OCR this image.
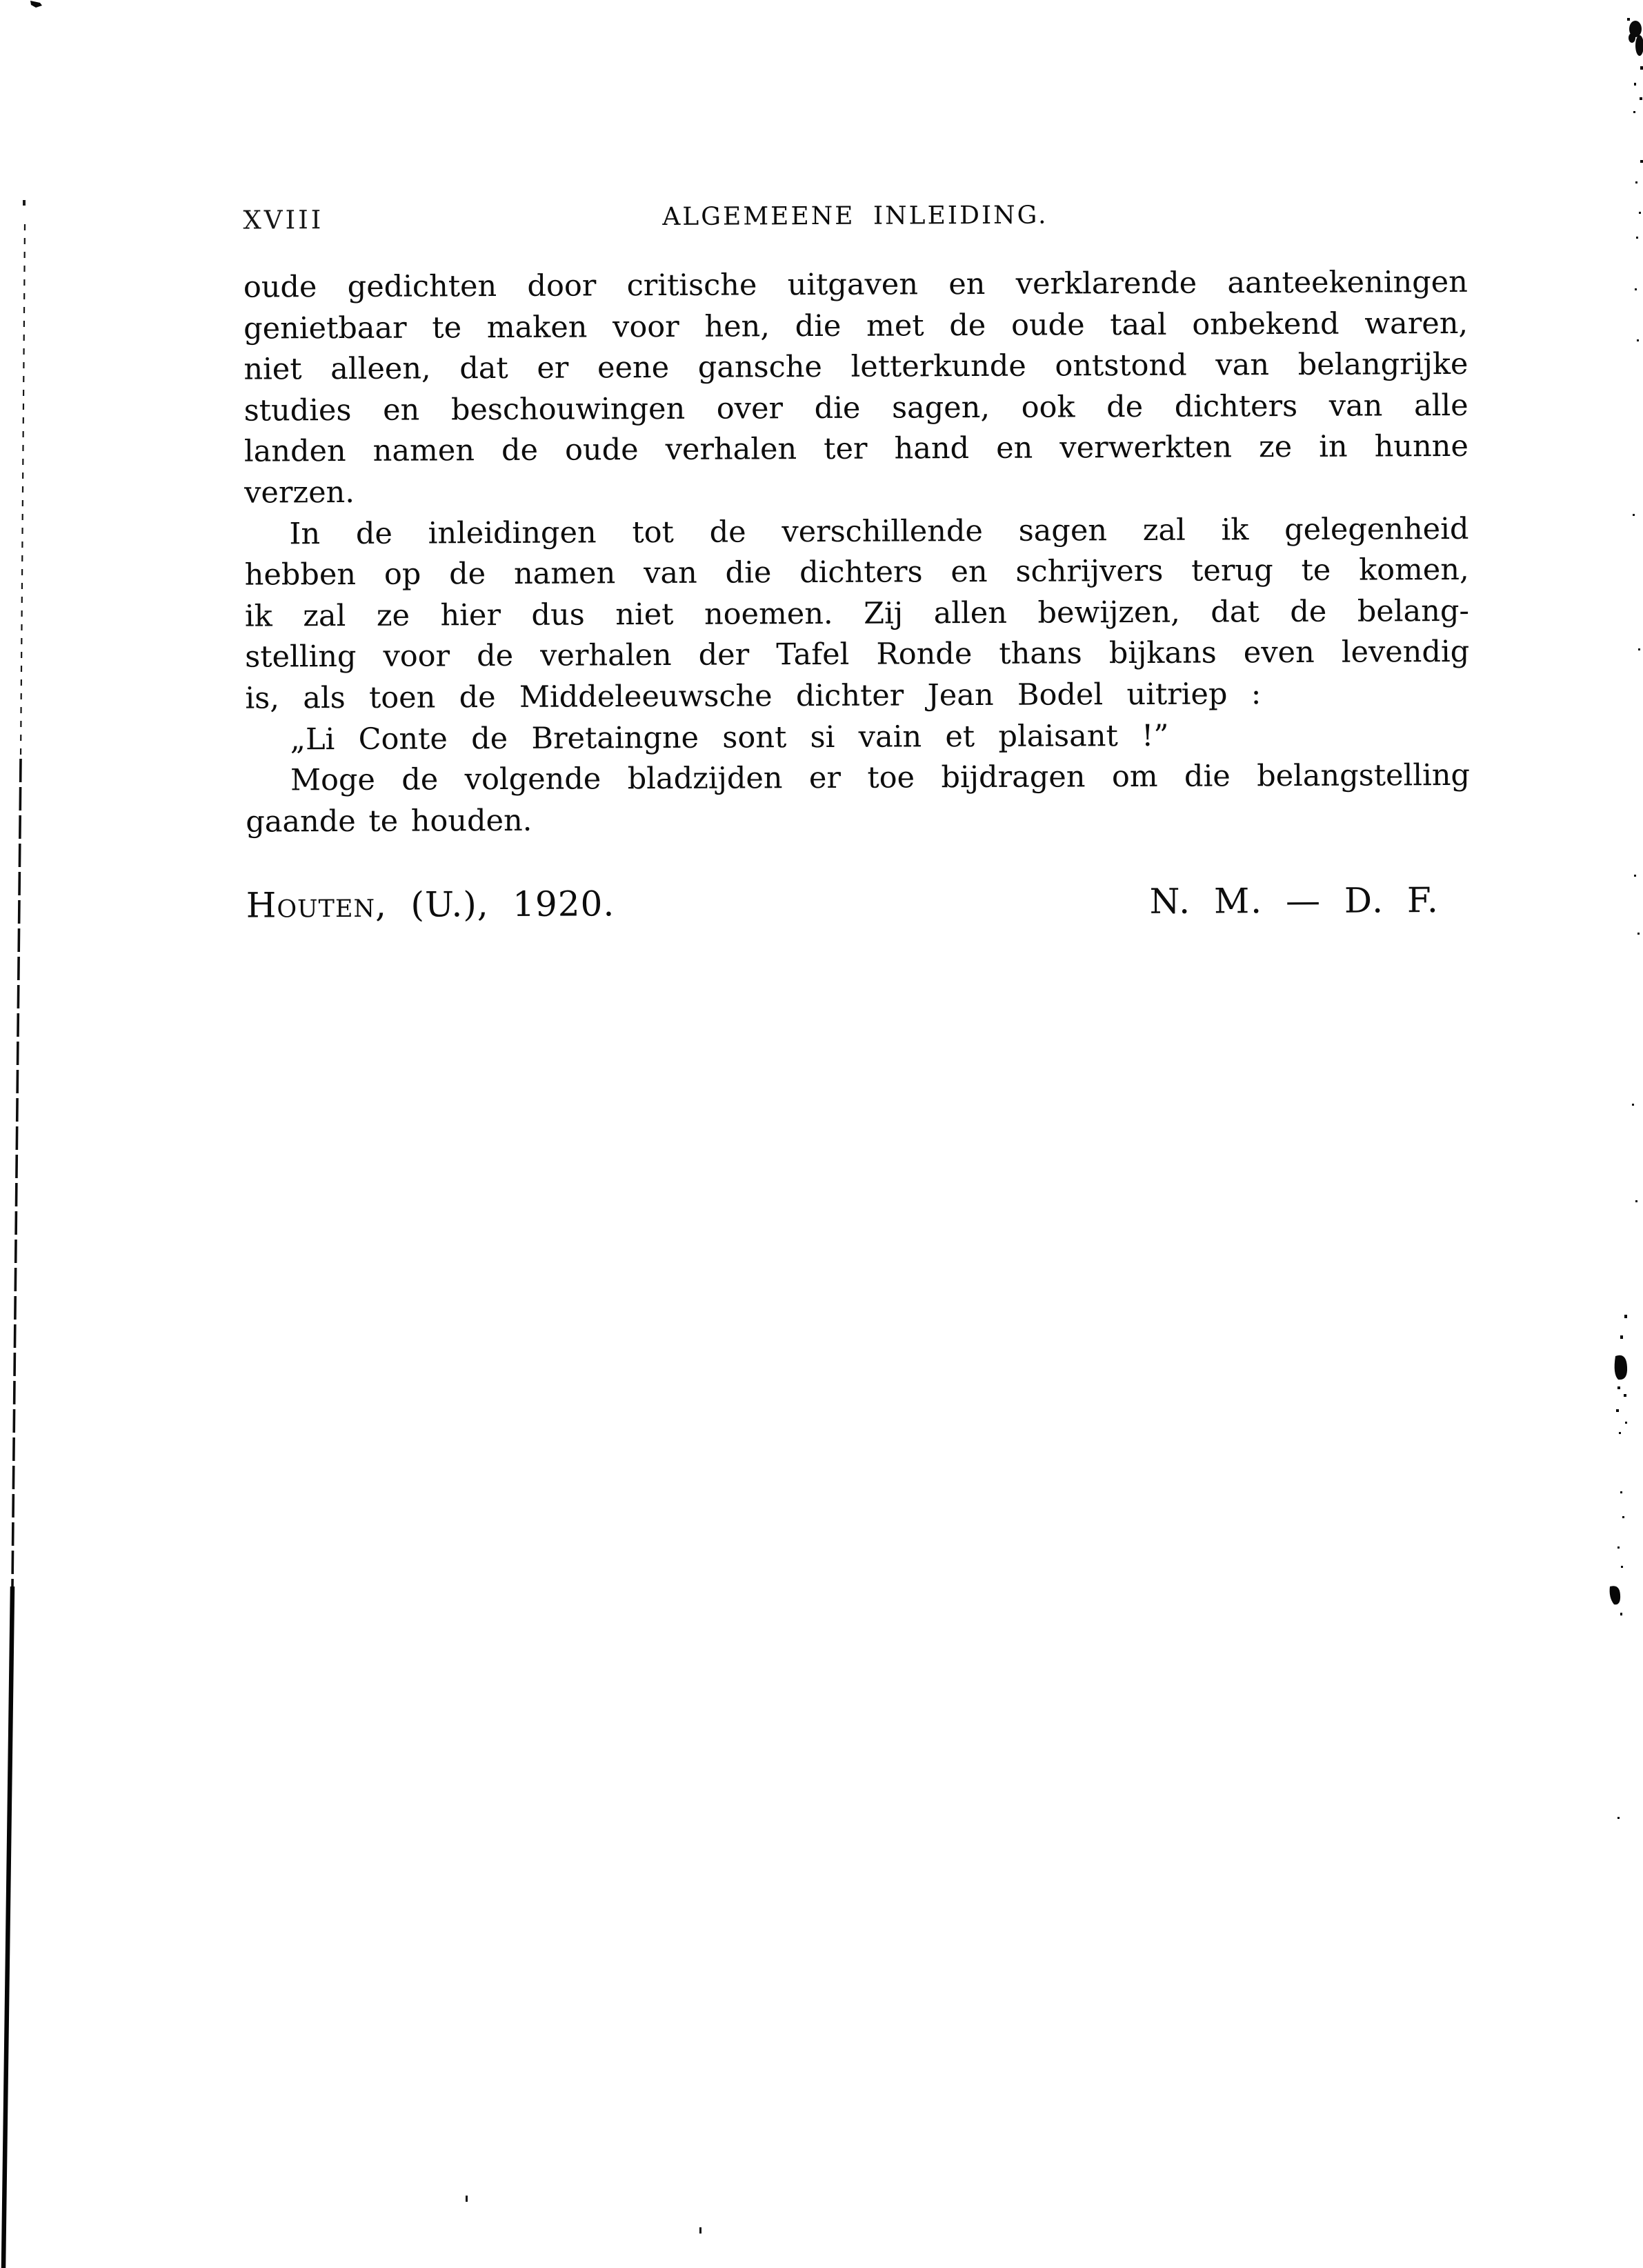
XVIII	ALGEMEENE INLEIDING.
oude gedichten door critische uitgaven en verklarende aanteekeningen
genietbaar te maken voor hen, die met de oude taal onbekend waren,
niet alleen, dat er eene gansche letterkunde ontstond van belangrijke
studies en beschouwingen over die sagen, ook de dichters van alle
landen namen de oude verhalen ter hand en verwerkten ze in hunne
verzen.
In de inleidingen tot de verschillende sagen zal ik gelegenheid
hebben op de namen van die dichters en schrijvers terug te komen,
ik zal ze hier dus niet noemen. Zij allen bewijzen, dat de belang-
stelling voor de verhalen der Tafel Ronde thans bijkans even levendig
is, als toen de Middeleeuwsche dichter Jean Bodel uitriep :
„Li Conte de Bretaingne sont si vain et plaisant !”
Moge de volgende bladzijden er toe bijdragen om die belangstelling
gaande te houden.
Houten, (U.), 1920.	N. M. — D. F.
